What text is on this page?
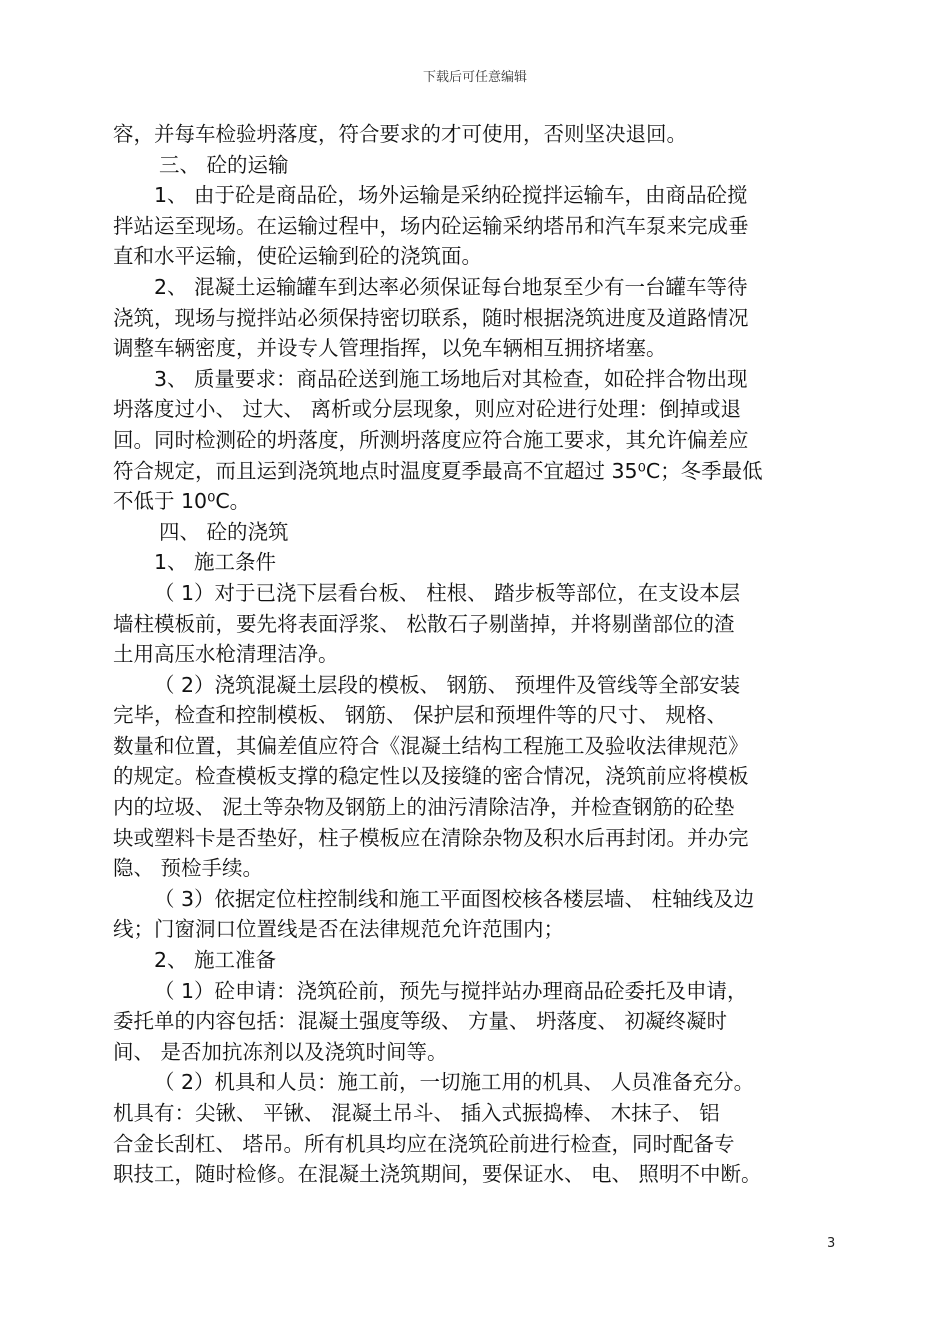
下载后可任意编辑
容，并每车检验坍落度，符合要求的才可使用，否则坚决退回。
三、 砼的运输
1、 由于砼是商品砼，场外运输是采纳砼搅拌运输车，由商品砼搅
拌站运至现场。在运输过程中，场内砼运输采纳塔吊和汽车泵来完成垂
直和水平运输，使砼运输到砼的浇筑面。
2、 混凝土运输罐车到达率必须保证每台地泵至少有一台罐车等待
浇筑，现场与搅拌站必须保持密切联系，随时根据浇筑进度及道路情况
调整车辆密度，并设专人管理指挥，以免车辆相互拥挤堵塞。
3、 质量要求：商品砼送到施工场地后对其检查，如砼拌合物出现
坍落度过小、 过大、 离析或分层现象，则应对砼进行处理：倒掉或退
回。同时检测砼的坍落度，所测坍落度应符合施工要求，其允许偏差应
符合规定，而且运到浇筑地点时温度夏季最高不宜超过 35⁰C；冬季最低
不低于 10⁰C。
四、 砼的浇筑
1、 施工条件
（ 1）对于已浇下层看台板、 柱根、 踏步板等部位，在支设本层
墙柱模板前，要先将表面浮浆、 松散石子剔凿掉，并将剔凿部位的渣
土用高压水枪清理洁净。
（ 2）浇筑混凝土层段的模板、 钢筋、 预埋件及管线等全部安装
完毕，检查和控制模板、 钢筋、 保护层和预埋件等的尺寸、 规格、
数量和位置，其偏差值应符合《混凝土结构工程施工及验收法律规范》
的规定。检查模板支撑的稳定性以及接缝的密合情况，浇筑前应将模板
内的垃圾、 泥土等杂物及钢筋上的油污清除洁净，并检查钢筋的砼垫
块或塑料卡是否垫好，柱子模板应在清除杂物及积水后再封闭。并办完
隐、 预检手续。
（ 3）依据定位柱控制线和施工平面图校核各楼层墙、 柱轴线及边
线；门窗洞口位置线是否在法律规范允许范围内；
2、 施工准备
（ 1）砼申请：浇筑砼前，预先与搅拌站办理商品砼委托及申请，
委托单的内容包括：混凝土强度等级、 方量、 坍落度、 初凝终凝时
间、 是否加抗冻剂以及浇筑时间等。
（ 2）机具和人员：施工前，一切施工用的机具、 人员准备充分。
机具有：尖锹、 平锹、 混凝土吊斗、 插入式振捣棒、 木抹子、 铝
合金长刮杠、 塔吊。所有机具均应在浇筑砼前进行检查，同时配备专
职技工，随时检修。在混凝土浇筑期间，要保证水、 电、 照明不中断。
3
